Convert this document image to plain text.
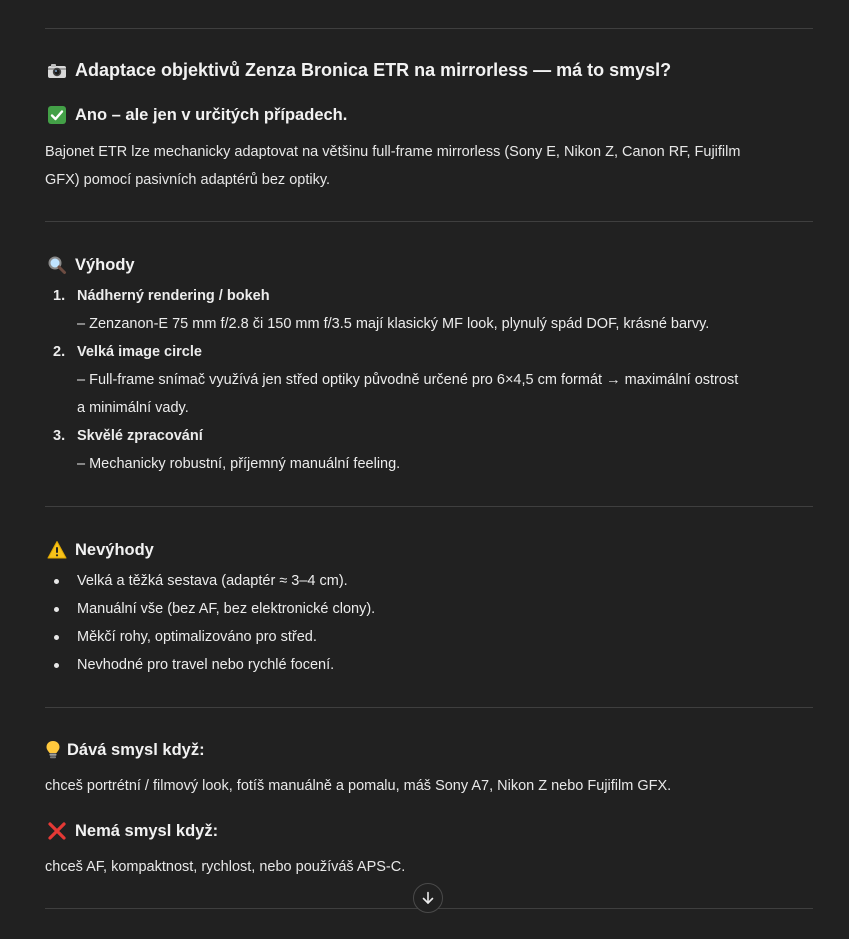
Adaptace objektivů Zenza Bronica ETR na mirrorless — má to smysl?
Ano – ale jen v určitých případech.
Bajonet ETR lze mechanicky adaptovat na většinu full-frame mirrorless (Sony E, Nikon Z, Canon RF, Fujifilm
GFX) pomocí pasivních adaptérů bez optiky.
Výhody
1. Nádherný rendering / bokeh
– Zenzanon-E 75 mm f/2.8 či 150 mm f/3.5 mají klasický MF look, plynulý spád DOF, krásné barvy.
2. Velká image circle
– Full-frame snímač využívá jen střed optiky původně určené pro 6×4,5 cm formát → maximální ostrost
a minimální vady.
3. Skvělé zpracování
– Mechanicky robustní, příjemný manuální feeling.
Nevýhody
Velká a těžká sestava (adaptér ≈ 3–4 cm).
Manuální vše (bez AF, bez elektronické clony).
Měkčí rohy, optimalizováno pro střed.
Nevhodné pro travel nebo rychlé focení.
Dává smysl když:
chceš portrétní / filmový look, fotíš manuálně a pomalu, máš Sony A7, Nikon Z nebo Fujifilm GFX.
Nemá smysl když:
chceš AF, kompaktnost, rychlost, nebo používáš APS-C.
